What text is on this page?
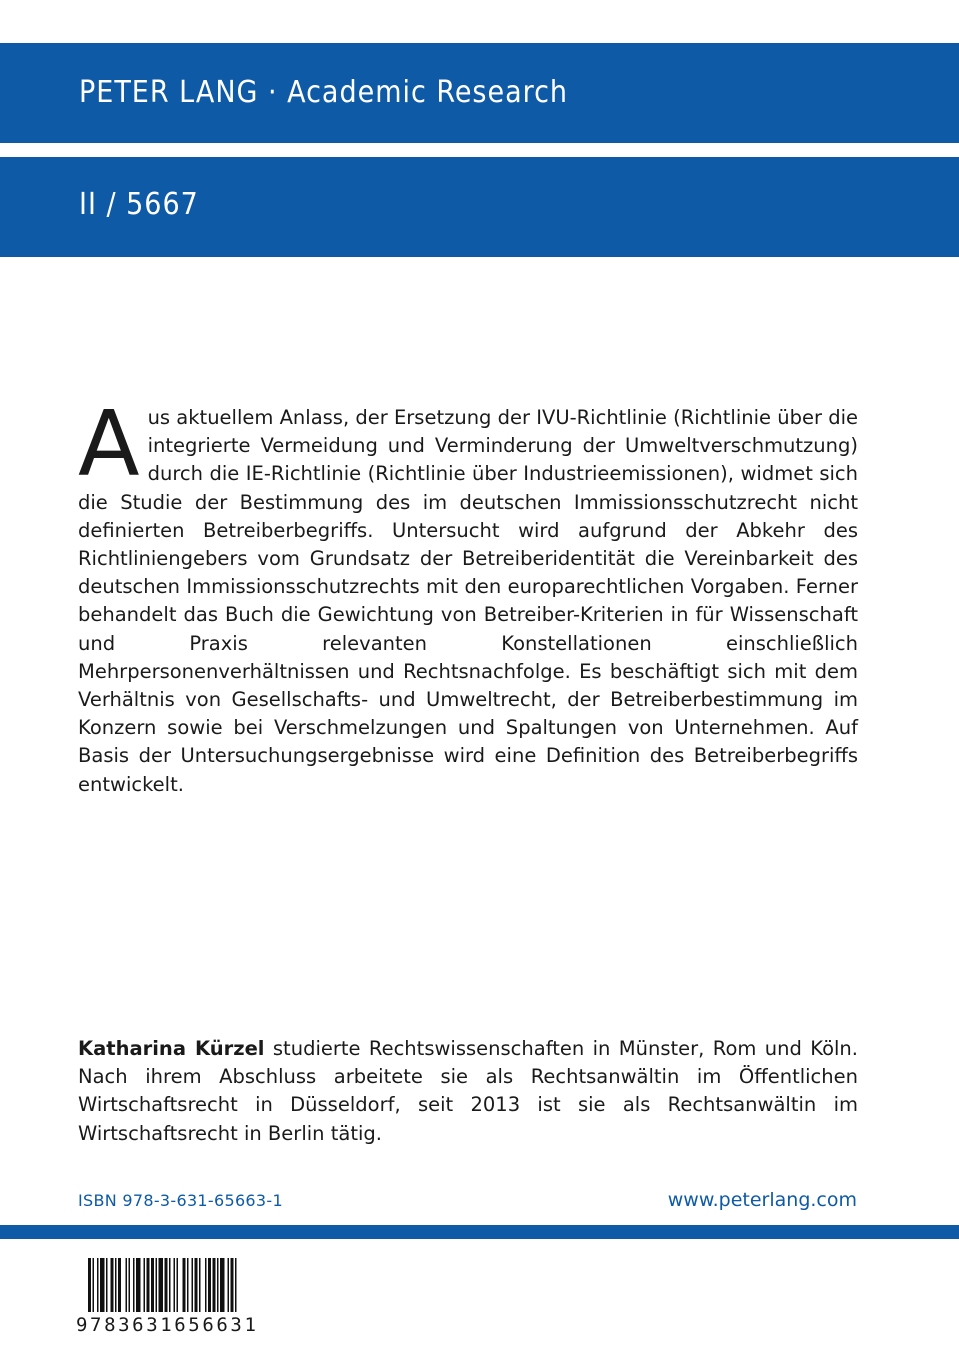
PETER LANG · Academic Research
II / 5667
Aus aktuellem Anlass, der Ersetzung der IVU-Richtlinie (Richtlinie über die integrierte Vermeidung und Verminderung der Umweltverschmutzung) durch die IE-Richtlinie (Richtlinie über Industrieemissionen), widmet sich die Studie der Bestimmung des im deutschen Immissionsschutzrecht nicht definierten Betreiberbegriffs. Untersucht wird aufgrund der Abkehr des Richtliniengebers vom Grundsatz der Betreiberidentität die Vereinbarkeit des deutschen Immissionsschutzrechts mit den europarechtlichen Vorgaben. Ferner behandelt das Buch die Gewichtung von Betreiber-Kriterien in für Wissenschaft und Praxis relevanten Konstellationen einschließlich Mehrpersonenverhältnissen und Rechtsnachfolge. Es beschäftigt sich mit dem Verhältnis von Gesellschafts- und Umweltrecht, der Betreiberbestimmung im Konzern sowie bei Verschmelzungen und Spaltungen von Unternehmen. Auf Basis der Untersuchungsergebnisse wird eine Definition des Betreiberbegriffs entwickelt.
Katharina Kürzel studierte Rechtswissenschaften in Münster, Rom und Köln. Nach ihrem Abschluss arbeitete sie als Rechtsanwältin im Öffentlichen Wirtschaftsrecht in Düsseldorf, seit 2013 ist sie als Rechtsanwältin im Wirtschaftsrecht in Berlin tätig.
ISBN 978-3-631-65663-1	www.peterlang.com
9783631656631
